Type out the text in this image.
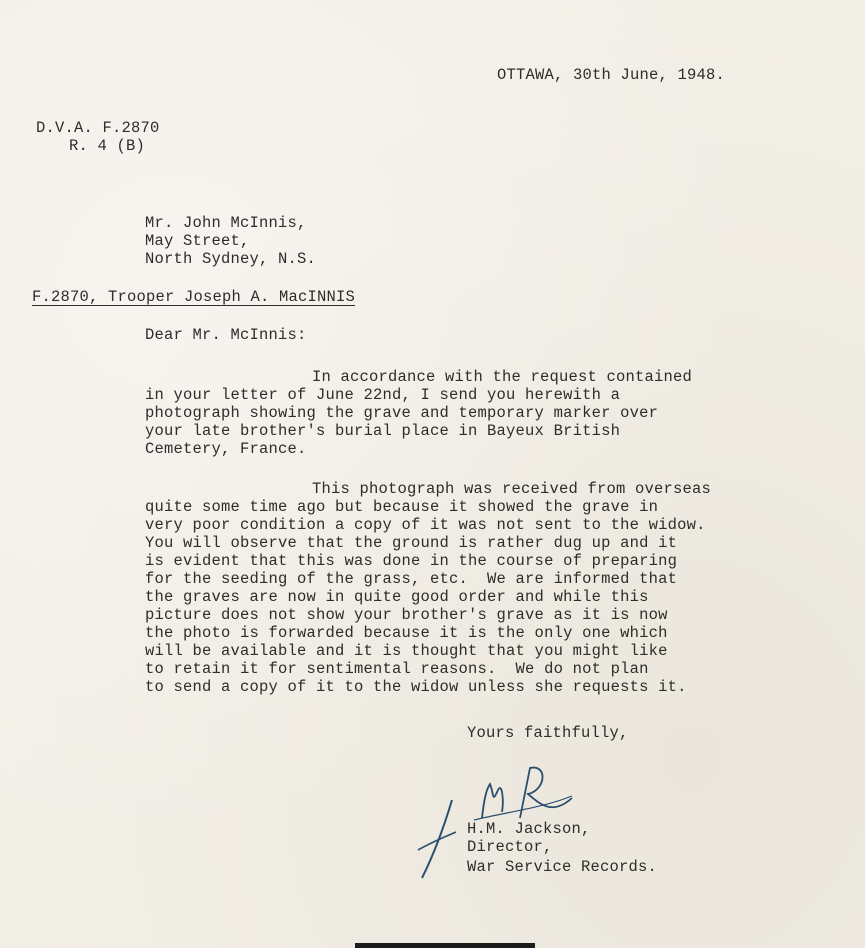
OTTAWA, 30th June, 1948.
D.V.A. F.2870
R. 4 (B)
Mr. John McInnis,
May Street,
North Sydney, N.S.
F.2870, Trooper Joseph A. MacINNIS
Dear Mr. McInnis:
In accordance with the request contained
in your letter of June 22nd, I send you herewith a
photograph showing the grave and temporary marker over
your late brother's burial place in Bayeux British
Cemetery, France.
This photograph was received from overseas
quite some time ago but because it showed the grave in
very poor condition a copy of it was not sent to the widow.
You will observe that the ground is rather dug up and it
is evident that this was done in the course of preparing
for the seeding of the grass, etc.  We are informed that
the graves are now in quite good order and while this
picture does not show your brother's grave as it is now
the photo is forwarded because it is the only one which
will be available and it is thought that you might like
to retain it for sentimental reasons.  We do not plan
to send a copy of it to the widow unless she requests it.
Yours faithfully,
H.M. Jackson,
Director,
War Service Records.
